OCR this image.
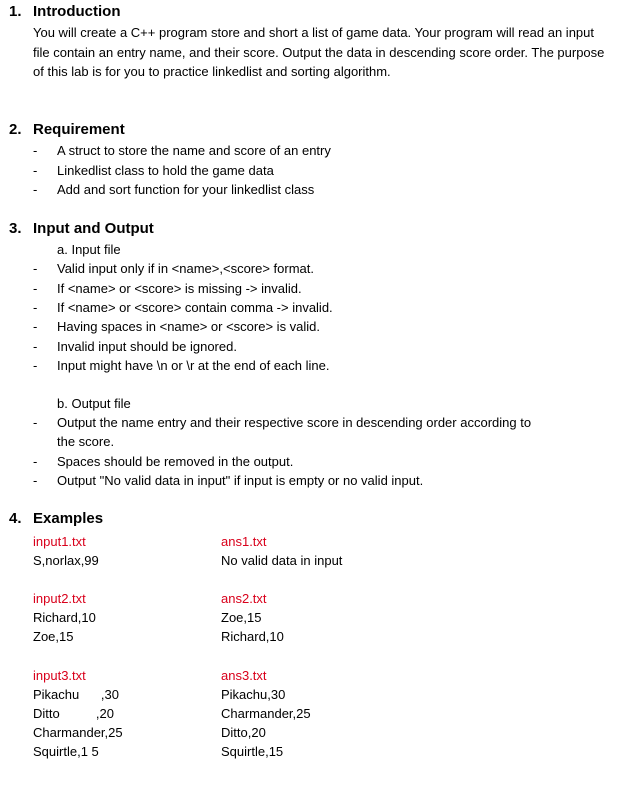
1. Introduction

You will create a C++ program store and short a list of game data. Your program will read an input file contain an entry name, and their score. Output the data in descending score order. The purpose of this lab is for you to practice linkedlist and sorting algorithm.

2. Requirement
- A struct to store the name and score of an entry
- Linkedlist class to hold the game data
- Add and sort function for your linkedlist class
3. Input and Output
a. Input file
- Valid input only if in <name>,<score> format.
- If <name> or <score> is missing -> invalid.
- If <name> or <score> contain comma -> invalid.
- Having spaces in <name> or <score> is valid.
- Invalid input should be ignored.
- Input might have \n or \r at the end of each line.
b. Output file
- Output the name entry and their respective score in descending order according to
the score.
- Spaces should be removed in the output.
- Output "No valid data in input" if input is empty or no valid input.
4. Examples
input1.txt
S,norlax,99
ans1.txt
No valid data in input
input2.txt
Richard,10
Zoe,15
ans2.txt
Zoe,15
Richard,10
input3.txt
Pikachu      ,30
Ditto          ,20
Charmander,25
Squirtle,1 5
ans3.txt
Pikachu,30
Charmander,25
Ditto,20
Squirtle,15
